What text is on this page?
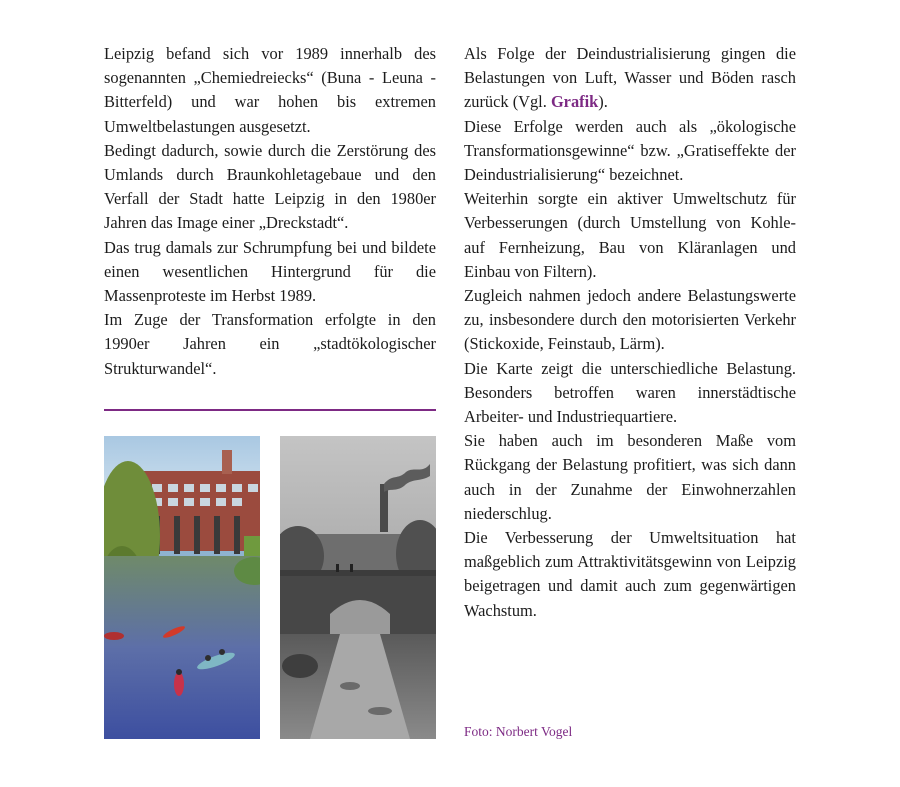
Leipzig befand sich vor 1989 innerhalb des sogenannten „Chemiedreiecks“ (Buna - Leuna - Bitterfeld) und war hohen bis extremen Umweltbelastungen ausgesetzt.

Bedingt dadurch, sowie durch die Zerstörung des Umlands durch Braunkohletagebaue und den Verfall der Stadt hatte Leipzig in den 1980er Jahren das Image einer „Dreckstadt“.

Das trug damals zur Schrumpfung bei und bildete einen wesentlichen Hintergrund für die Massenproteste im Herbst 1989.

Im Zuge der Transformation erfolgte in den 1990er Jahren ein „stadtökologischer Strukturwandel“.

Als Folge der Deindustrialisierung gingen die Belastungen von Luft, Wasser und Böden rasch zurück (Vgl. Grafik).

Diese Erfolge werden auch als „ökologische Transformationsgewinne“ bzw. „Gratiseffekte der Deindustrialisierung“ bezeichnet.

Weiterhin sorgte ein aktiver Umweltschutz für Verbesserungen (durch Umstellung von Kohle- auf Fernheizung, Bau von Kläranlagen und Einbau von Filtern).

Zugleich nahmen jedoch andere Belastungswerte zu, insbesondere durch den motorisierten Verkehr (Stickoxide, Feinstaub, Lärm).

Die Karte zeigt die unterschiedliche Belastung. Besonders betroffen waren innerstädtische Arbeiter- und Industriequartiere.

Sie haben auch im besonderen Maße vom Rückgang der Belastung profitiert, was sich dann auch in der Zunahme der Einwohnerzahlen niederschlug.

Die Verbesserung der Umweltsituation hat maßgeblich zum Attraktivitätsgewinn von Leipzig beigetragen und damit auch zum gegenwärtigen Wachstum.

Foto: Norbert Vogel
